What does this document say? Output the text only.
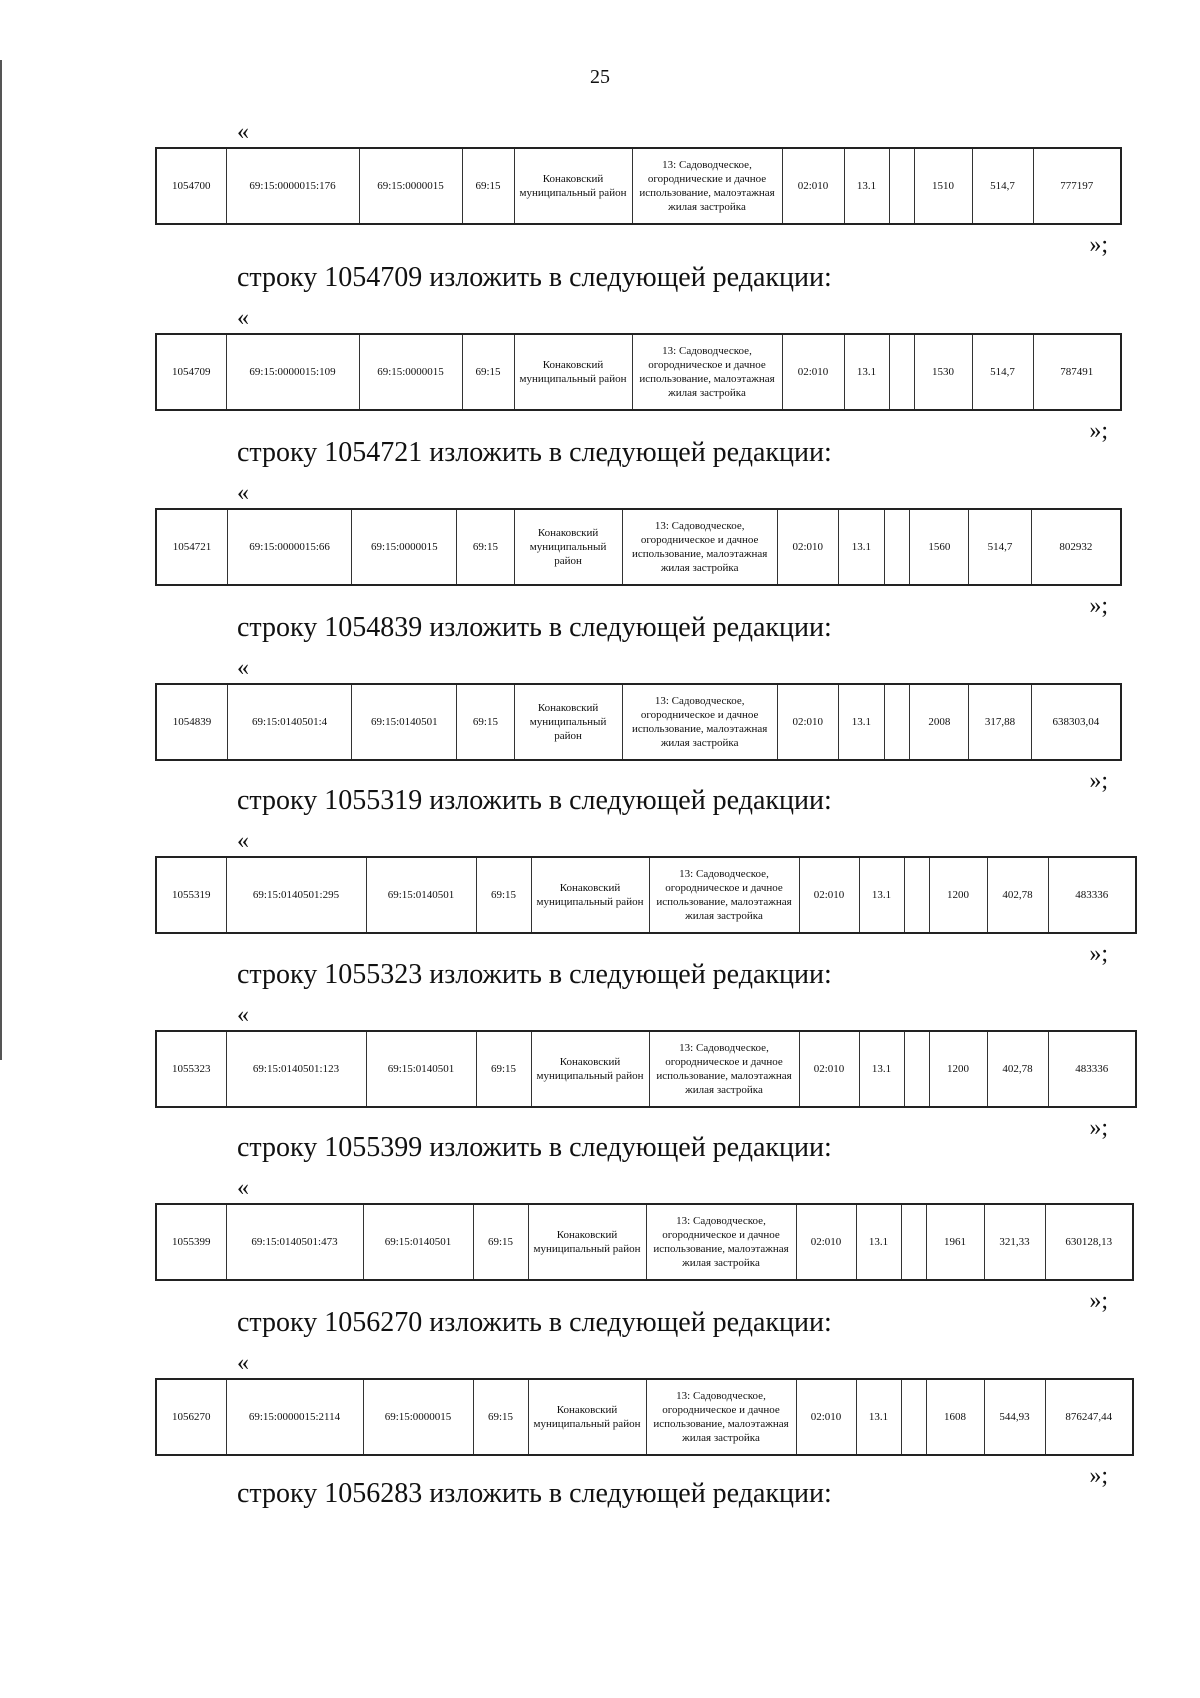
25
«
1054700	69:15:0000015:176	69:15:0000015	69:15	Конаковский муниципальный район	13: Садоводческое, огороднические и дачное использование, малоэтажная жилая застройка	02:010	13.1		1510	514,7	777197
»;
строку 1054709 изложить в следующей редакции:
«
1054709	69:15:0000015:109	69:15:0000015	69:15	Конаковский муниципальный район	13: Садоводческое, огородническое и дачное использование, малоэтажная жилая застройка	02:010	13.1		1530	514,7	787491
»;
строку 1054721 изложить в следующей редакции:
«
1054721	69:15:0000015:66	69:15:0000015	69:15	Конаковский муниципальный район	13: Садоводческое, огородническое и дачное использование, малоэтажная жилая застройка	02:010	13.1		1560	514,7	802932
»;
строку 1054839 изложить в следующей редакции:
«
1054839	69:15:0140501:4	69:15:0140501	69:15	Конаковский муниципальный район	13: Садоводческое, огородническое и дачное использование, малоэтажная жилая застройка	02:010	13.1		2008	317,88	638303,04
»;
строку 1055319 изложить в следующей редакции:
«
1055319	69:15:0140501:295	69:15:0140501	69:15	Конаковский муниципальный район	13: Садоводческое, огородническое и дачное использование, малоэтажная жилая застройка	02:010	13.1		1200	402,78	483336
»;
строку 1055323 изложить в следующей редакции:
«
1055323	69:15:0140501:123	69:15:0140501	69:15	Конаковский муниципальный район	13: Садоводческое, огородническое и дачное использование, малоэтажная жилая застройка	02:010	13.1		1200	402,78	483336
»;
строку 1055399 изложить в следующей редакции:
«
1055399	69:15:0140501:473	69:15:0140501	69:15	Конаковский муниципальный район	13: Садоводческое, огородническое и дачное использование, малоэтажная жилая застройка	02:010	13.1		1961	321,33	630128,13
»;
строку 1056270 изложить в следующей редакции:
«
1056270	69:15:0000015:2114	69:15:0000015	69:15	Конаковский муниципальный район	13: Садоводческое, огородническое и дачное использование, малоэтажная жилая застройка	02:010	13.1		1608	544,93	876247,44
»;
строку 1056283 изложить в следующей редакции:
